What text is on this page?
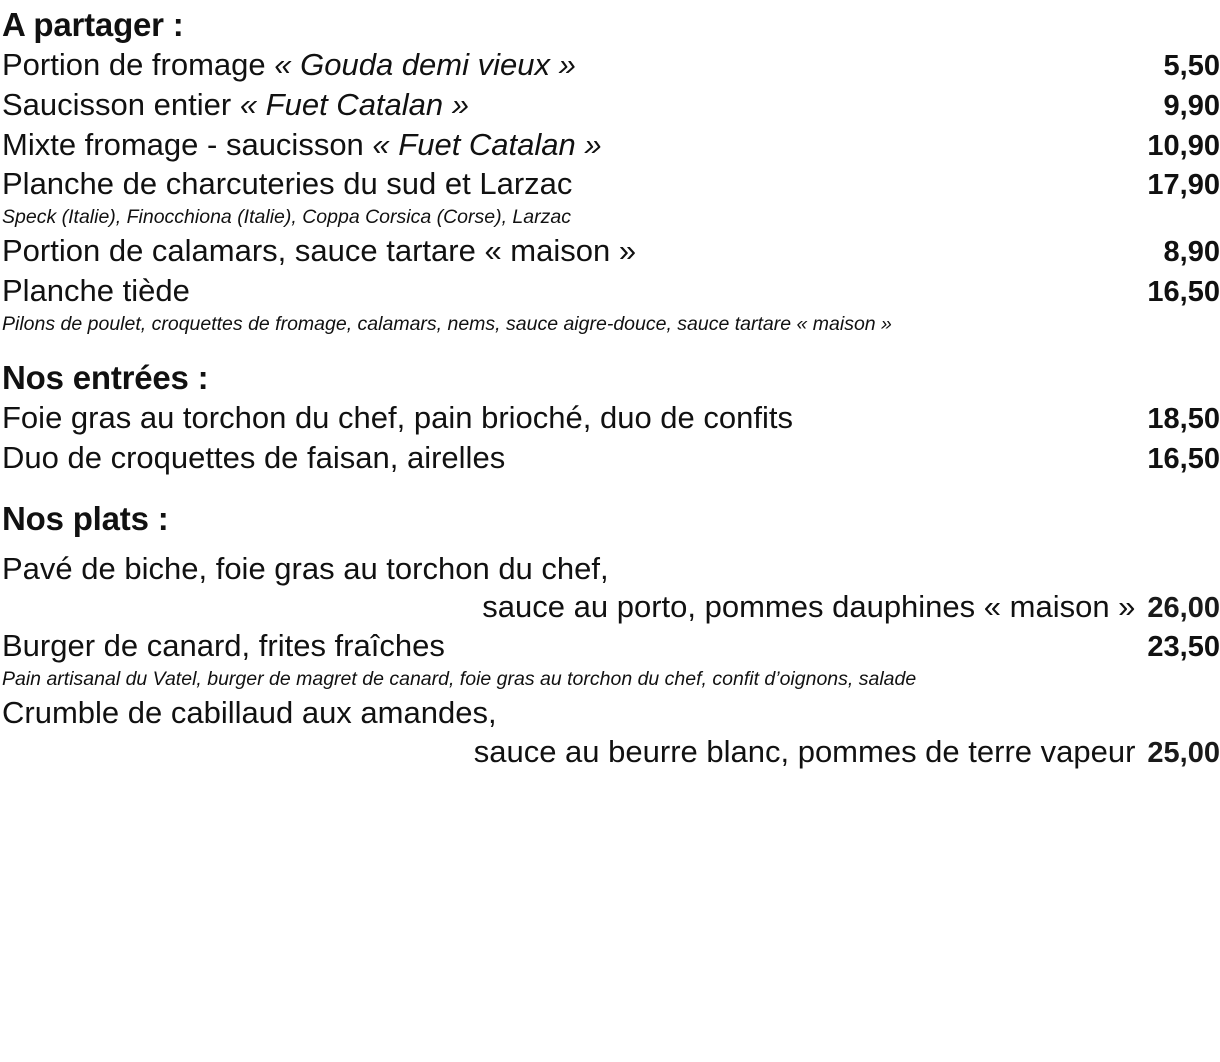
A partager :
Portion de fromage « Gouda demi vieux »	5,50
Saucisson entier « Fuet Catalan »	9,90
Mixte fromage - saucisson « Fuet Catalan »	10,90
Planche de charcuteries du sud et Larzac	17,90
Speck (Italie), Finocchiona (Italie), Coppa Corsica (Corse), Larzac
Portion de calamars, sauce tartare « maison »	8,90
Planche tiède	16,50
Pilons de poulet, croquettes de fromage, calamars, nems, sauce aigre-douce, sauce tartare « maison »
Nos entrées :
Foie gras au torchon du chef, pain brioché, duo de confits	18,50
Duo de croquettes de faisan, airelles	16,50
Nos plats :
Pavé de biche, foie gras au torchon du chef,
sauce au porto, pommes dauphines « maison » 26,00
Burger de canard, frites fraîches	23,50
Pain artisanal du Vatel, burger de magret de canard, foie gras au torchon du chef, confit d’oignons, salade
Crumble de cabillaud aux amandes,
sauce au beurre blanc, pommes de terre vapeur 25,00
